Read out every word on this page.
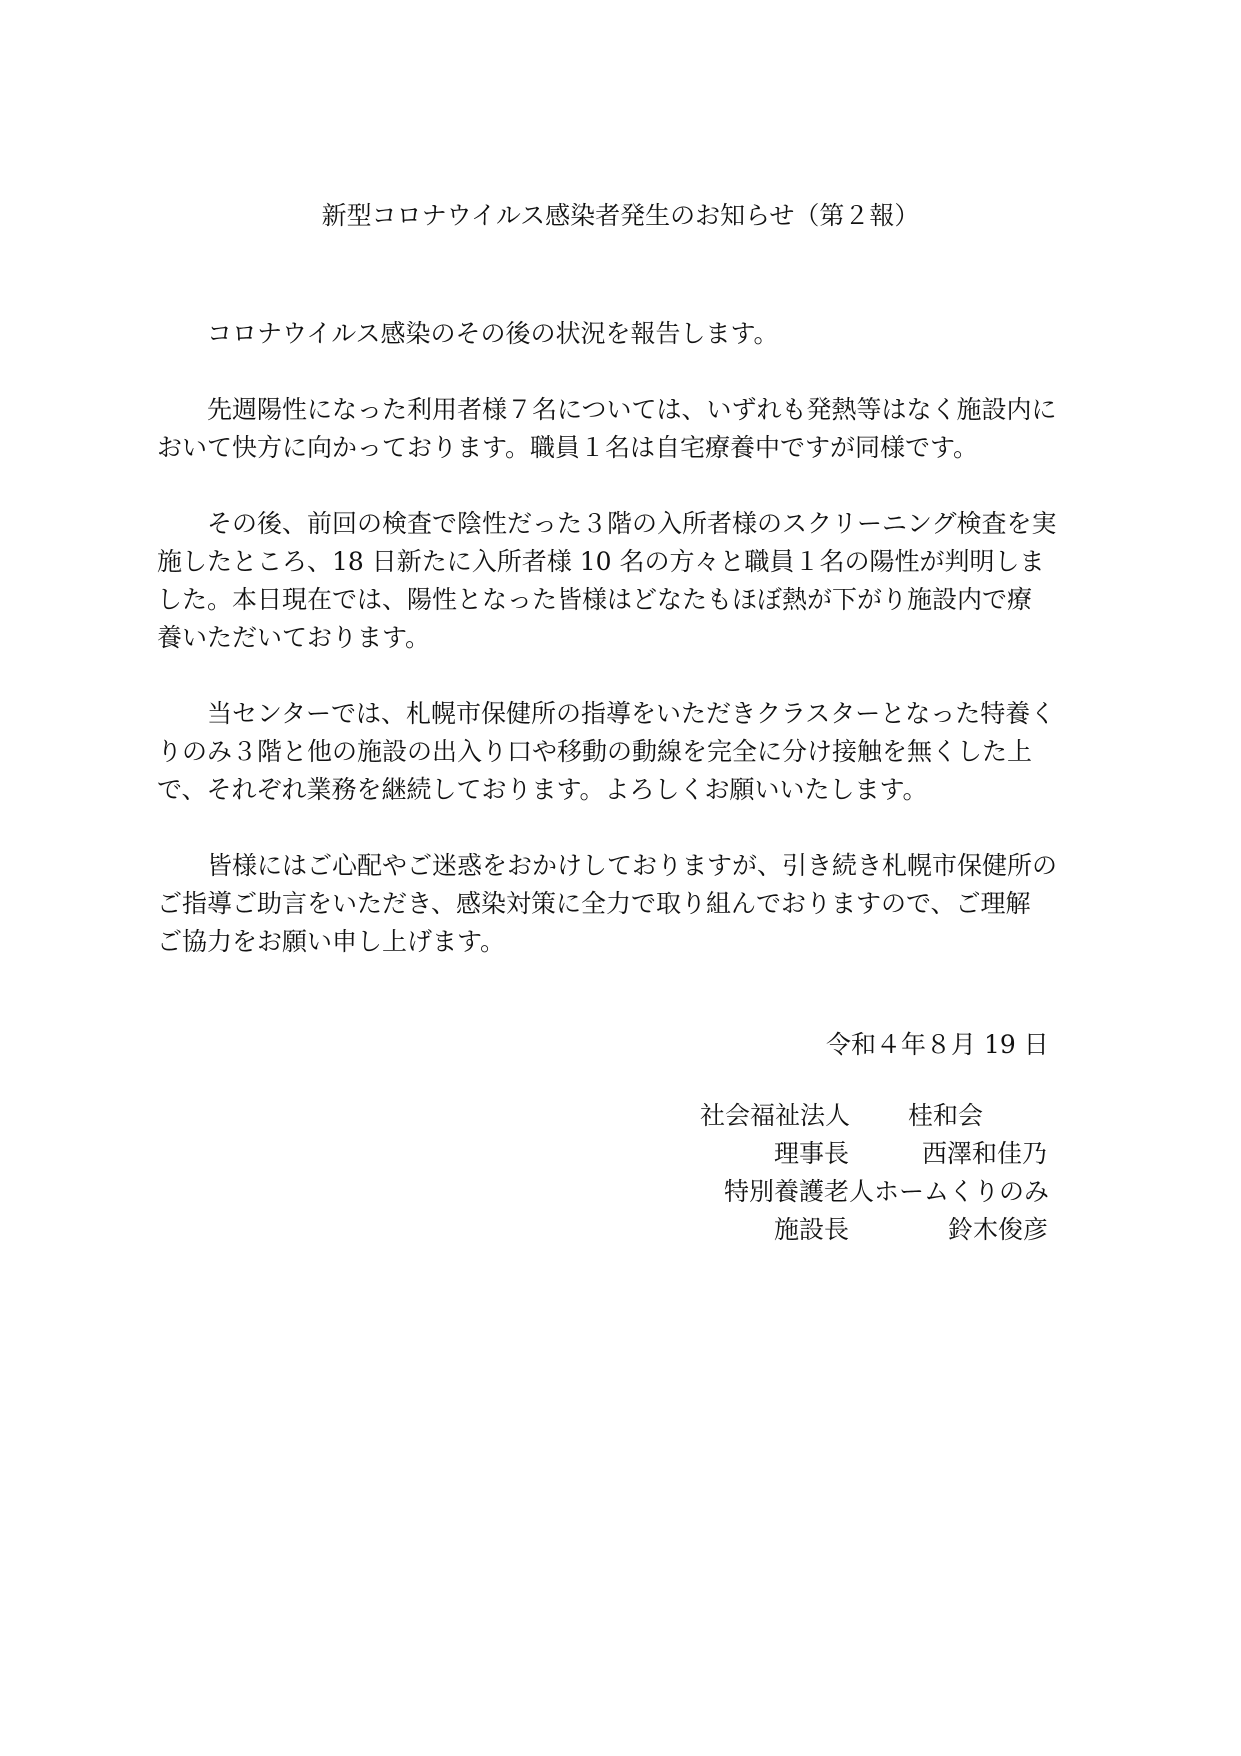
新型コロナウイルス感染者発生のお知らせ（第２報）

コロナウイルス感染のその後の状況を報告します。

先週陽性になった利用者様７名については、いずれも発熱等はなく施設内に
おいて快方に向かっております。職員１名は自宅療養中ですが同様です。

その後、前回の検査で陰性だった３階の入所者様のスクリーニング検査を実
施したところ、18 日新たに入所者様 10 名の方々と職員１名の陽性が判明しま
した。本日現在では、陽性となった皆様はどなたもほぼ熱が下がり施設内で療
養いただいております。

当センターでは、札幌市保健所の指導をいただきクラスターとなった特養く
りのみ３階と他の施設の出入り口や移動の動線を完全に分け接触を無くした上
で、それぞれ業務を継続しております。よろしくお願いいたします。

皆様にはご心配やご迷惑をおかけしておりますが、引き続き札幌市保健所の
ご指導ご助言をいただき、感染対策に全力で取り組んでおりますので、ご理解
ご協力をお願い申し上げます。

令和４年８月 19 日
社会福祉法人 桂和会
理事長	西澤和佳乃
特別養護老人ホームくりのみ
施設長	鈴木俊彦
